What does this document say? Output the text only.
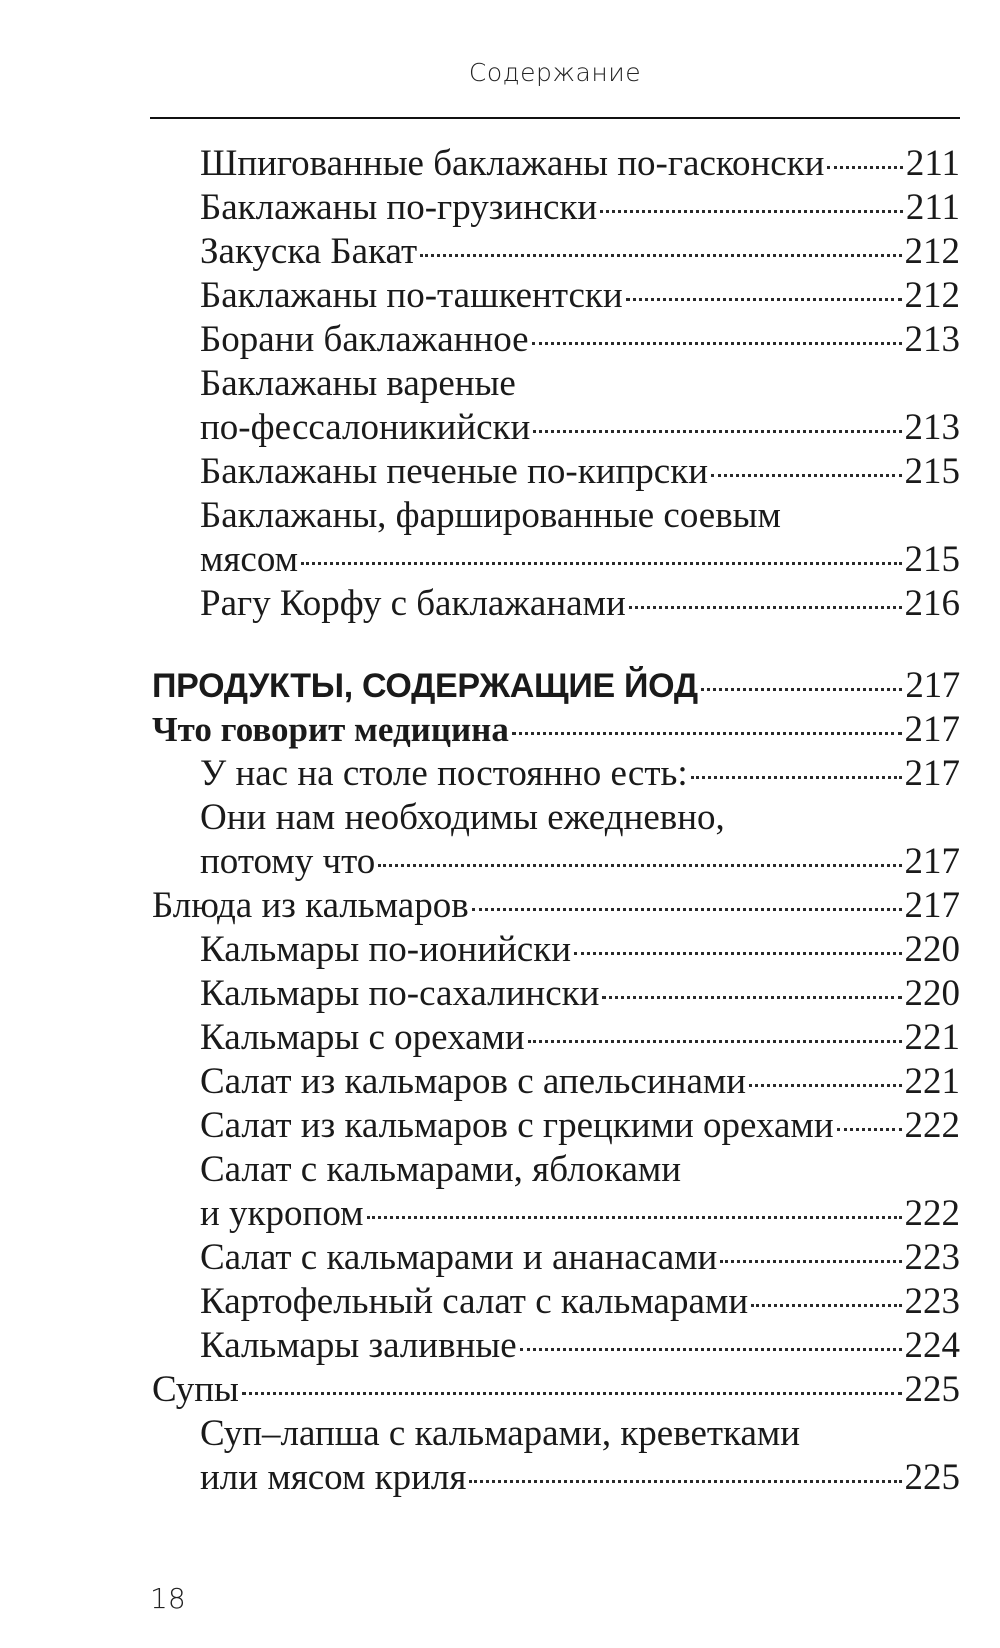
Содержание
Шпигованные баклажаны по-гасконски 211
Баклажаны по-грузински	211
Закуска Бакат	212
Баклажаны по-ташкентски	212
Борани баклажанное	213
Баклажаны вареные
по-фессалоникийски	213
Баклажаны печеные по-кипрски	215
Баклажаны, фаршированные соевым
мясом	215
Рагу Корфу с баклажанами	216
ПРОДУКТЫ, СОДЕРЖАЩИЕ ЙОД	217
Что говорит медицина	217
У нас на столе постоянно есть:	217
Они нам необходимы ежедневно,
потому что	217
Блюда из кальмаров	217
Кальмары по-ионийски	220
Кальмары по-сахалински	220
Кальмары с орехами	221
Салат из кальмаров с апельсинами	221
Салат из кальмаров с грецкими орехами 222
Салат с кальмарами, яблоками
и укропом	222
Салат с кальмарами и ананасами	223
Картофельный салат с кальмарами	223
Кальмары заливные	224
Супы	225
Суп–лапша с кальмарами, креветками
или мясом криля	225
18
